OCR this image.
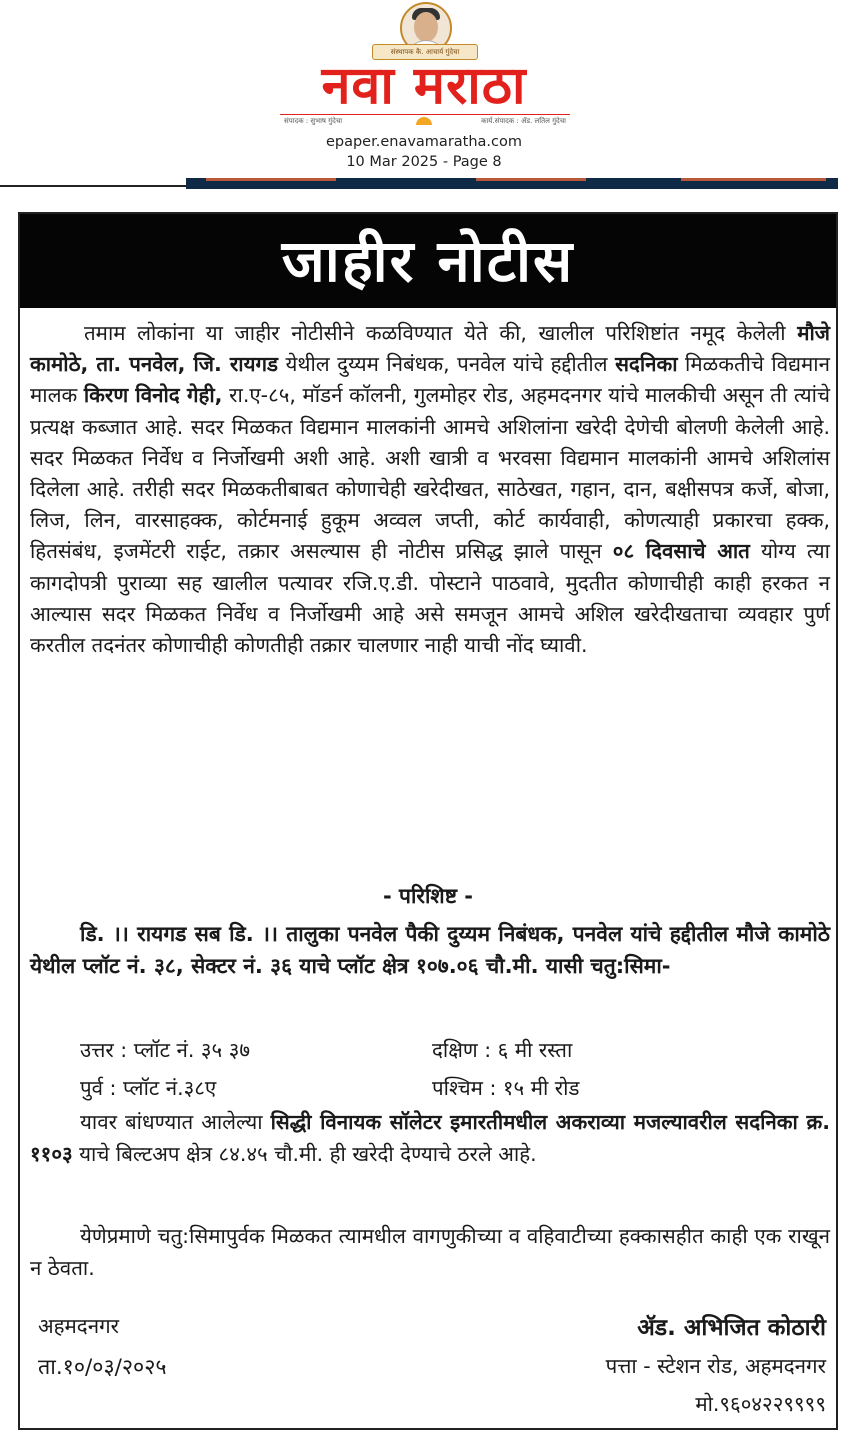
संस्थापक कै. आचार्य गुंदेचा
नवा मराठा
संपादक : सुभाष गुंदेचा	कार्य.संपादक : ॲड. लतिल गुंदेचा
epaper.enavamaratha.com
10 Mar 2025 - Page 8
जाहीर नोटीस

तमाम लोकांना या जाहीर नोटीसीने कळविण्यात येते की, खालील परिशिष्टांत नमूद केलेली मौजे कामोठे, ता. पनवेल, जि. रायगड येथील दुय्यम निबंधक, पनवेल यांचे हद्दीतील सदनिका मिळकतीचे विद्यमान मालक किरण विनोद गेही, रा.ए-८५, मॉडर्न कॉलनी, गुलमोहर रोड, अहमदनगर यांचे मालकीची असून ती त्यांचे प्रत्यक्ष कब्जात आहे. सदर मिळकत विद्यमान मालकांनी आमचे अशिलांना खरेदी देणेची बोलणी केलेली आहे. सदर मिळकत निर्वेध व निर्जोखमी अशी आहे. अशी खात्री व भरवसा विद्यमान मालकांनी आमचे अशिलांस दिलेला आहे. तरीही सदर मिळकतीबाबत कोणाचेही खरेदीखत, साठेखत, गहान, दान, बक्षीसपत्र कर्जे, बोजा, लिज, लिन, वारसाहक्क, कोर्टमनाई हुकूम अव्वल जप्ती, कोर्ट कार्यवाही, कोणत्याही प्रकारचा हक्क, हितसंबंध, इजमेंटरी राईट, तक्रार असल्यास ही नोटीस प्रसिद्ध झाले पासून ०८ दिवसाचे आत योग्य त्या कागदोपत्री पुराव्या सह खालील पत्यावर रजि.ए.डी. पोस्टाने पाठवावे, मुदतीत कोणाचीही काही हरकत न आल्यास सदर मिळकत निर्वेध व निर्जोखमी आहे असे समजून आमचे अशिल खरेदीखताचा व्यवहार पुर्ण करतील तदनंतर कोणाचीही कोणतीही तक्रार चालणार नाही याची नोंद घ्यावी.

- परिशिष्ट -

डि. ।। रायगड सब डि. ।। तालुका पनवेल पैकी दुय्यम निबंधक, पनवेल यांचे हद्दीतील मौजे कामोठे येथील प्लॉट नं. ३८, सेक्टर नं. ३६ याचे प्लॉट क्षेत्र १०७.०६ चौ.मी. यासी चतु:सिमा-

उत्तर : प्लॉट नं. ३५ ३७	दक्षिण : ६ मी रस्ता
पुर्व : प्लॉट नं.३८ए	पश्चिम : १५ मी रोड

यावर बांधण्यात आलेल्या सिद्धी विनायक सॉलेटर इमारतीमधील अकराव्या मजल्यावरील सदनिका क्र. ११०३ याचे बिल्टअप क्षेत्र ८४.४५ चौ.मी. ही खरेदी देण्याचे ठरले आहे.

येणेप्रमाणे चतु:सिमापुर्वक मिळकत त्यामधील वागणुकीच्या व वहिवाटीच्या हक्कासहीत काही एक राखून न ठेवता.

अहमदनगर
ता.१०/०३/२०२५
ॲड. अभिजित कोठारी
पत्ता - स्टेशन रोड, अहमदनगर
मो.९६०४२२९९९९
